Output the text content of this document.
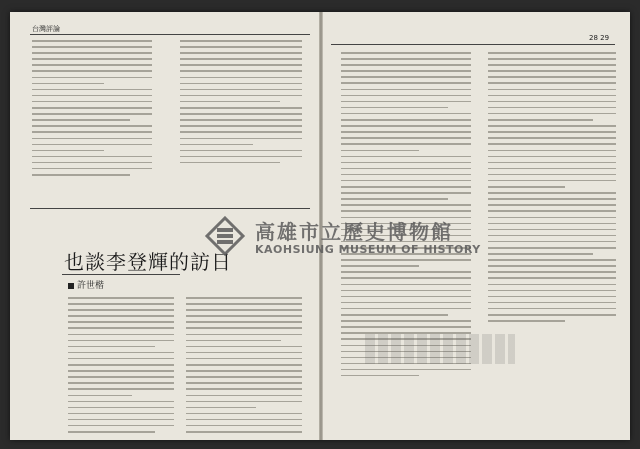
台灣評論
也談李登輝的訪日
許世楷
28 29
高雄市立歷史博物館
KAOHSIUNG MUSEUM OF HISTORY
